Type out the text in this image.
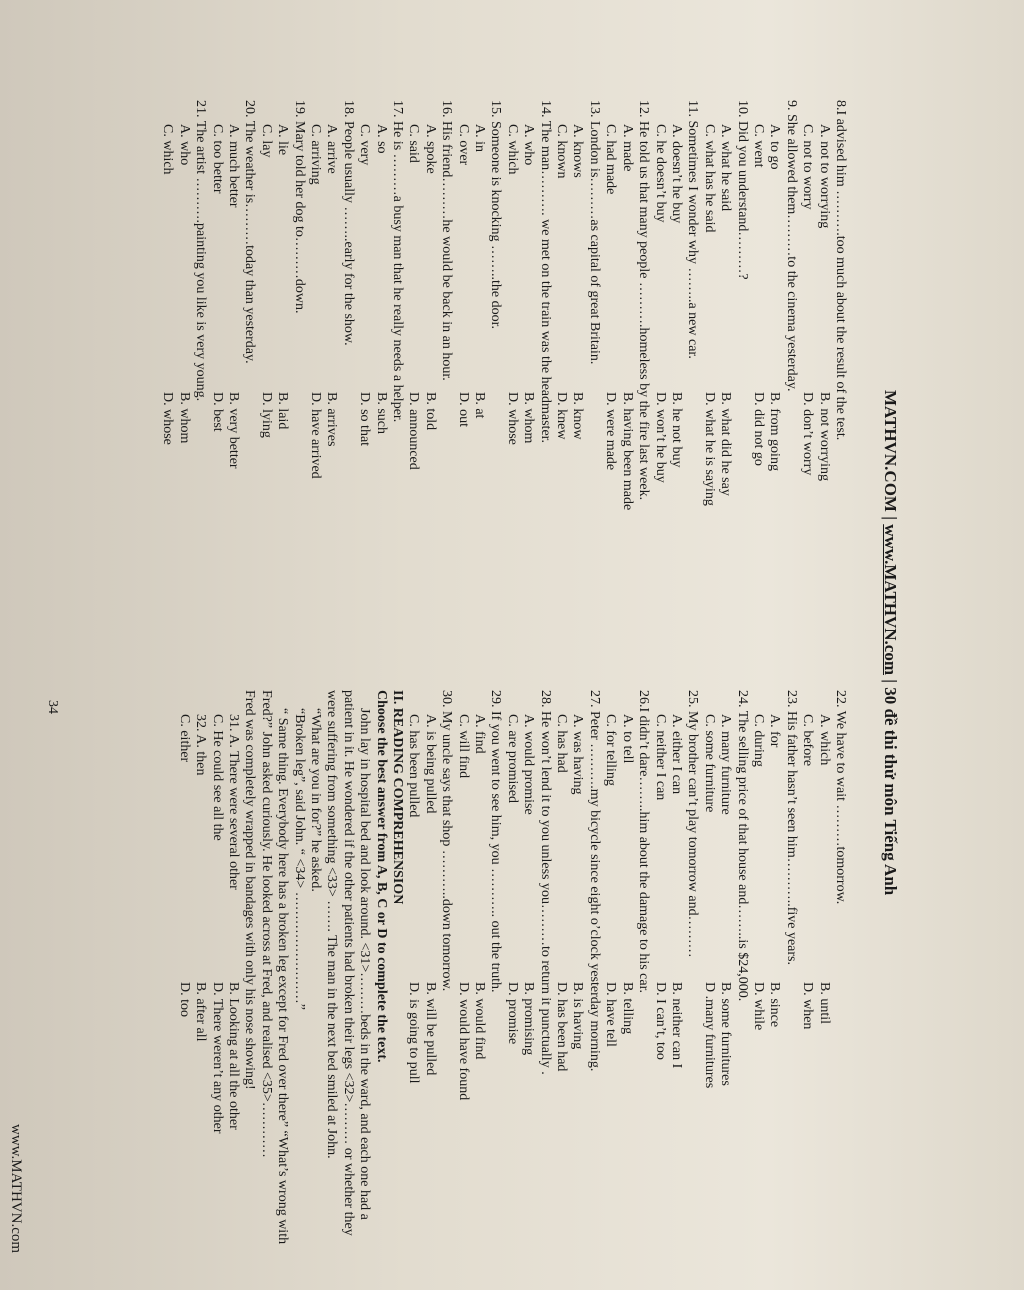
MATHVN.COM | www.MATHVN.com | 30 đề thi thử môn Tiếng Anh

8.I advised him ……….too much about the result of the test.

A. not to worrying
B. not worrying
C. not to worry
D. don’t worry

9. She allowed them………to the cinema yesterday.

A. to go
B. from going
C. went
D. did not go

10. Did you understand………?

A. what he said
B. what did he say
C. what has he said
D. what he is saying

11. Sometimes I wonder why ……..a new car.

A. doesn’t he buy
B. he not buy
C. he doesn’t buy
D. won’t he buy

12. He told us that many people ……….homeless by the fire last week.

A. made
B. having been made
C. had made
D. were made

13. London is………as capital of great Britain.

A. knows
B. know
C. known
D. knew

14. The man………. we met on the train was the headmaster.

A. who
B. whom
C. which
D. whose

15. Someone is knocking ……..the door.

A. in
B. at
C. over
D. out

16. His friend………he would be back in an hour.

A. spoke
B. told
C. said
D. announced

17. He is ………a busy man that he really needs a helper.

A. so
B. such
C. very
D. so that

18. People usually ……..early for the show.

A. arrive
B. arrives
C. arriving
D. have arrived

19. Mary told her dog to………down.

A. lie
B. laid
C. lay
D. lying

20. The weather is………today than yesterday.

A. much better
B. very better
C. too better
D. best

21. The artist ……….painting you like is very young.

A. who
B. whom
C. which
D. whose

22. We have to wait ………tomorrow.

A. which
B. until
C. before
D. when

23. His father hasn’t seen him………..five years.

A. for
B. since
C. during
D. while

24. The selling price of that house and……..is $24,000.

A. many furniture
B. some furnitures
C. some furniture
D .many furnitures

25. My brother can’t play tomorrow and………

A. either I can
B. neither can I
C. neither I can
D. I can’t, too

26.I didn’t dare……..him about the damage to his car.

A. to tell
B. telling
C. for telling
D. have tell

27. Peter ……….my bicycle since eight o’clock yesterday morning.

A. was having
B. is having
C. has had
D. has been had

28. He won’t lend it to you unless you………to return it punctually .

A. would promise
B. promising
C. are promised
D. promise

29. If you went to see him, you ……….. out the truth.

A. find
B. would find
C. will find
D. would have found

30. My uncle says that shop ………..down tomorrow.

A. is being pulled
B. will be pulled
C. has been pulled
D. is going to pull

II. READING COMPREHENSION

Choose the best answer from A, B, C or D to complete the text.

John lay in hospital bed and look around. <31>………beds in the ward, and each one had a patient in it. He wondered if the other patients had broken their legs <32>……… or whether they were suffering from something <33> ……. The man in the next bed smiled at John.

“What are you in for?” he asked.

“Broken leg”, said John. “ <34> ……………………”

“ Same thing. Everybody here has a broken leg except for Fred over there” “What’s wrong with Fred?” John asked curiously. He looked across at Fred, and realised <35>…………

Fred was completely wrapped in bandages with only his nose showing!

31. A. There were several other
B. Looking at all the other
C. He could see all the
D. There weren’t any other
32. A. then
B. after all
C. either
D. too
34
www.MATHVN.com
